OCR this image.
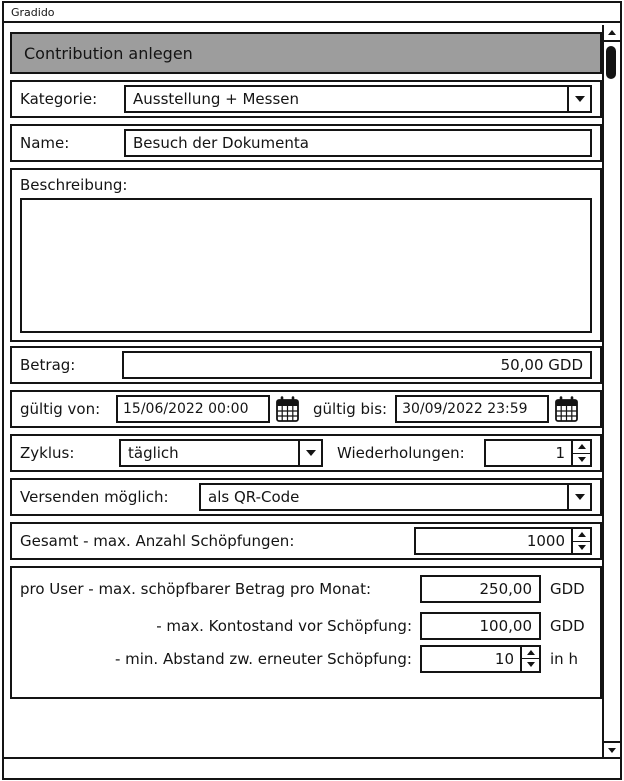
Gradido
Contribution anlegen
Kategorie:	Ausstellung + Messen
Name:
Besuch der Dokumenta
Beschreibung:
Betrag:
50,00 GDD
gültig von:
15/06/2022 00:00	gültig bis:
30/09/2022 23:59
Zyklus:	täglich	Wiederholungen:	1
Versenden möglich:	als QR-Code
Gesamt - max. Anzahl Schöpfungen:	1000
pro User - max. schöpfbarer Betrag pro Monat:
250,00	GDD
- max. Kontostand vor Schöpfung:
100,00	GDD
- min. Abstand zw. erneuter Schöpfung:	10	in h
